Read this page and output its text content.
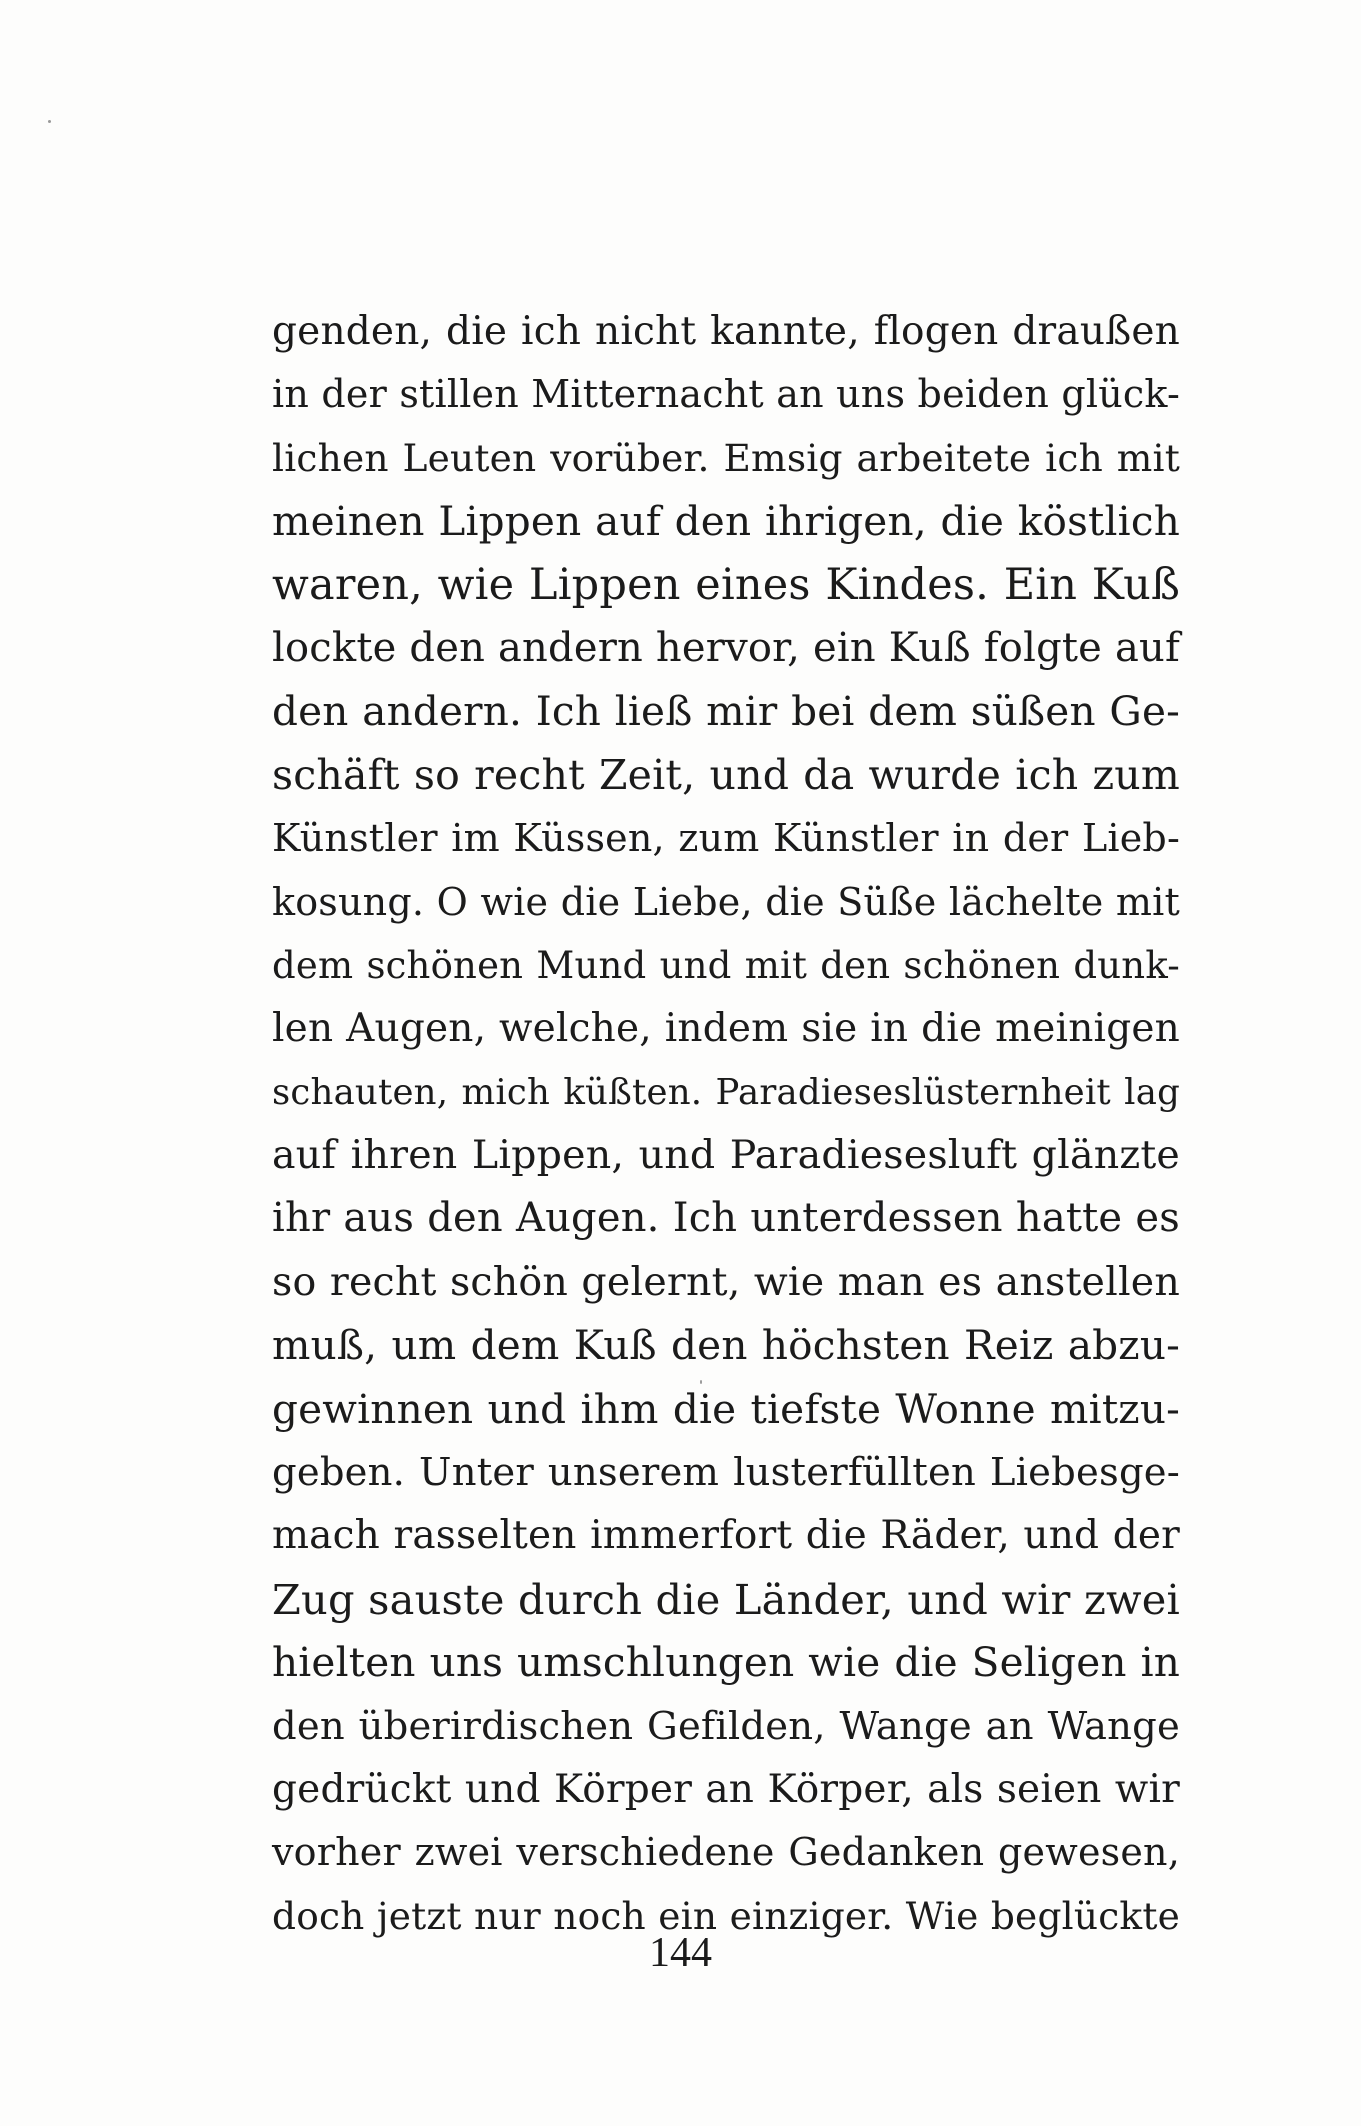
genden, die ich nicht kannte, flogen draußen
in der stillen Mitternacht an uns beiden glück-
lichen Leuten vorüber. Emsig arbeitete ich mit
meinen Lippen auf den ihrigen, die köstlich
waren, wie Lippen eines Kindes. Ein Kuß
lockte den andern hervor, ein Kuß folgte auf
den andern. Ich ließ mir bei dem süßen Ge-
schäft so recht Zeit, und da wurde ich zum
Künstler im Küssen, zum Künstler in der Lieb-
kosung. O wie die Liebe, die Süße lächelte mit
dem schönen Mund und mit den schönen dunk-
len Augen, welche, indem sie in die meinigen
schauten, mich küßten. Paradieseslüsternheit lag
auf ihren Lippen, und Paradiesesluft glänzte
ihr aus den Augen. Ich unterdessen hatte es
so recht schön gelernt, wie man es anstellen
muß, um dem Kuß den höchsten Reiz abzu-
gewinnen und ihm die tiefste Wonne mitzu-
geben. Unter unserem lusterfüllten Liebesge-
mach rasselten immerfort die Räder, und der
Zug sauste durch die Länder, und wir zwei
hielten uns umschlungen wie die Seligen in
den überirdischen Gefilden, Wange an Wange
gedrückt und Körper an Körper, als seien wir
vorher zwei verschiedene Gedanken gewesen,
doch jetzt nur noch ein einziger. Wie beglückte
144
